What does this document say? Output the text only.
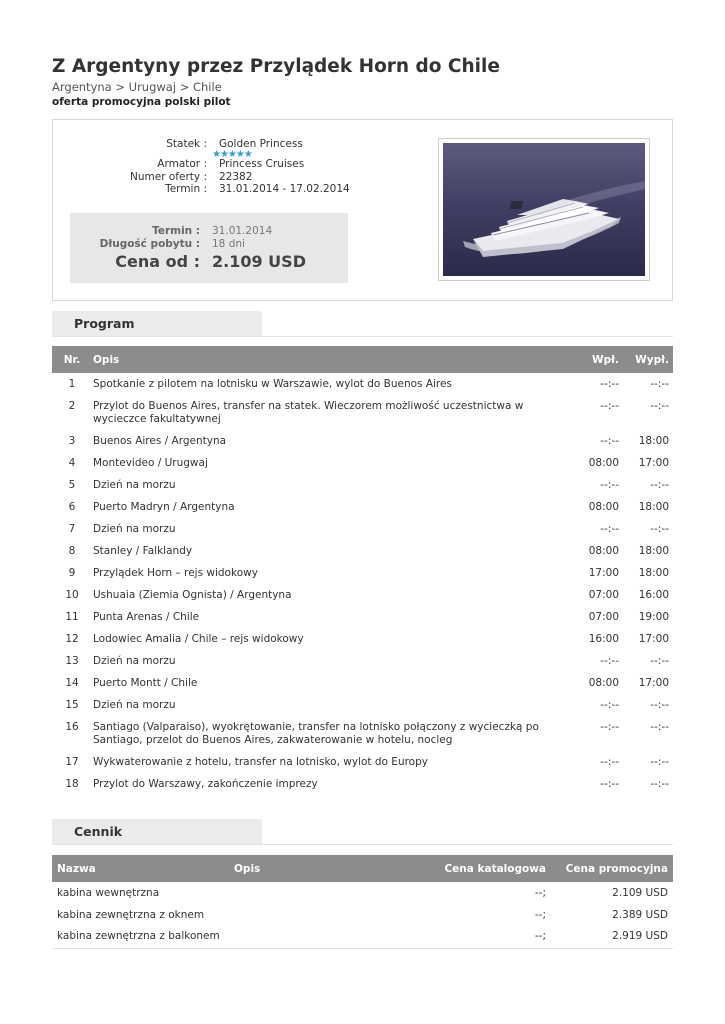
Z Argentyny przez Przylądek Horn do Chile
Argentyna > Urugwaj > Chile
oferta promocyjna polski pilot
Statek : Golden Princess
★★★★★
Armator : Princess Cruises
Numer oferty : 22382
Termin : 31.01.2014 - 17.02.2014
Termin : 31.01.2014
Długość pobytu : 18 dni
Cena od : 2.109 USD
Program
Nr.	Opis	Wpł.	Wypł.
1	Spotkanie z pilotem na lotnisku w Warszawie, wylot do Buenos Aires	--:--	--:--
2	Przylot do Buenos Aires, transfer na statek. Wieczorem możliwość uczestnictwa w wycieczce fakultatywnej	--:--	--:--
3	Buenos Aires / Argentyna	--:--	18:00
4	Montevideo / Urugwaj	08:00	17:00
5	Dzień na morzu	--:--	--:--
6	Puerto Madryn / Argentyna	08:00	18:00
7	Dzień na morzu	--:--	--:--
8	Stanley / Falklandy	08:00	18:00
9	Przylądek Horn – rejs widokowy	17:00	18:00
10	Ushuaia (Ziemia Ognista) / Argentyna	07:00	16:00
11	Punta Arenas / Chile	07:00	19:00
12	Lodowiec Amalia / Chile – rejs widokowy	16:00	17:00
13	Dzień na morzu	--:--	--:--
14	Puerto Montt / Chile	08:00	17:00
15	Dzień na morzu	--:--	--:--
16	Santiago (Valparaiso), wyokrętowanie, transfer na lotnisko połączony z wycieczką po Santiago, przelot do Buenos Aires, zakwaterowanie w hotelu, nocleg	--:--	--:--
17	Wykwaterowanie z hotelu, transfer na lotnisko, wylot do Europy	--:--	--:--
18	Przylot do Warszawy, zakończenie imprezy	--:--	--:--
Cennik
Nazwa	Opis	Cena katalogowa	Cena promocyjna
kabina wewnętrzna		--;	2.109 USD
kabina zewnętrzna z oknem		--;	2.389 USD
kabina zewnętrzna z balkonem		--;	2.919 USD
